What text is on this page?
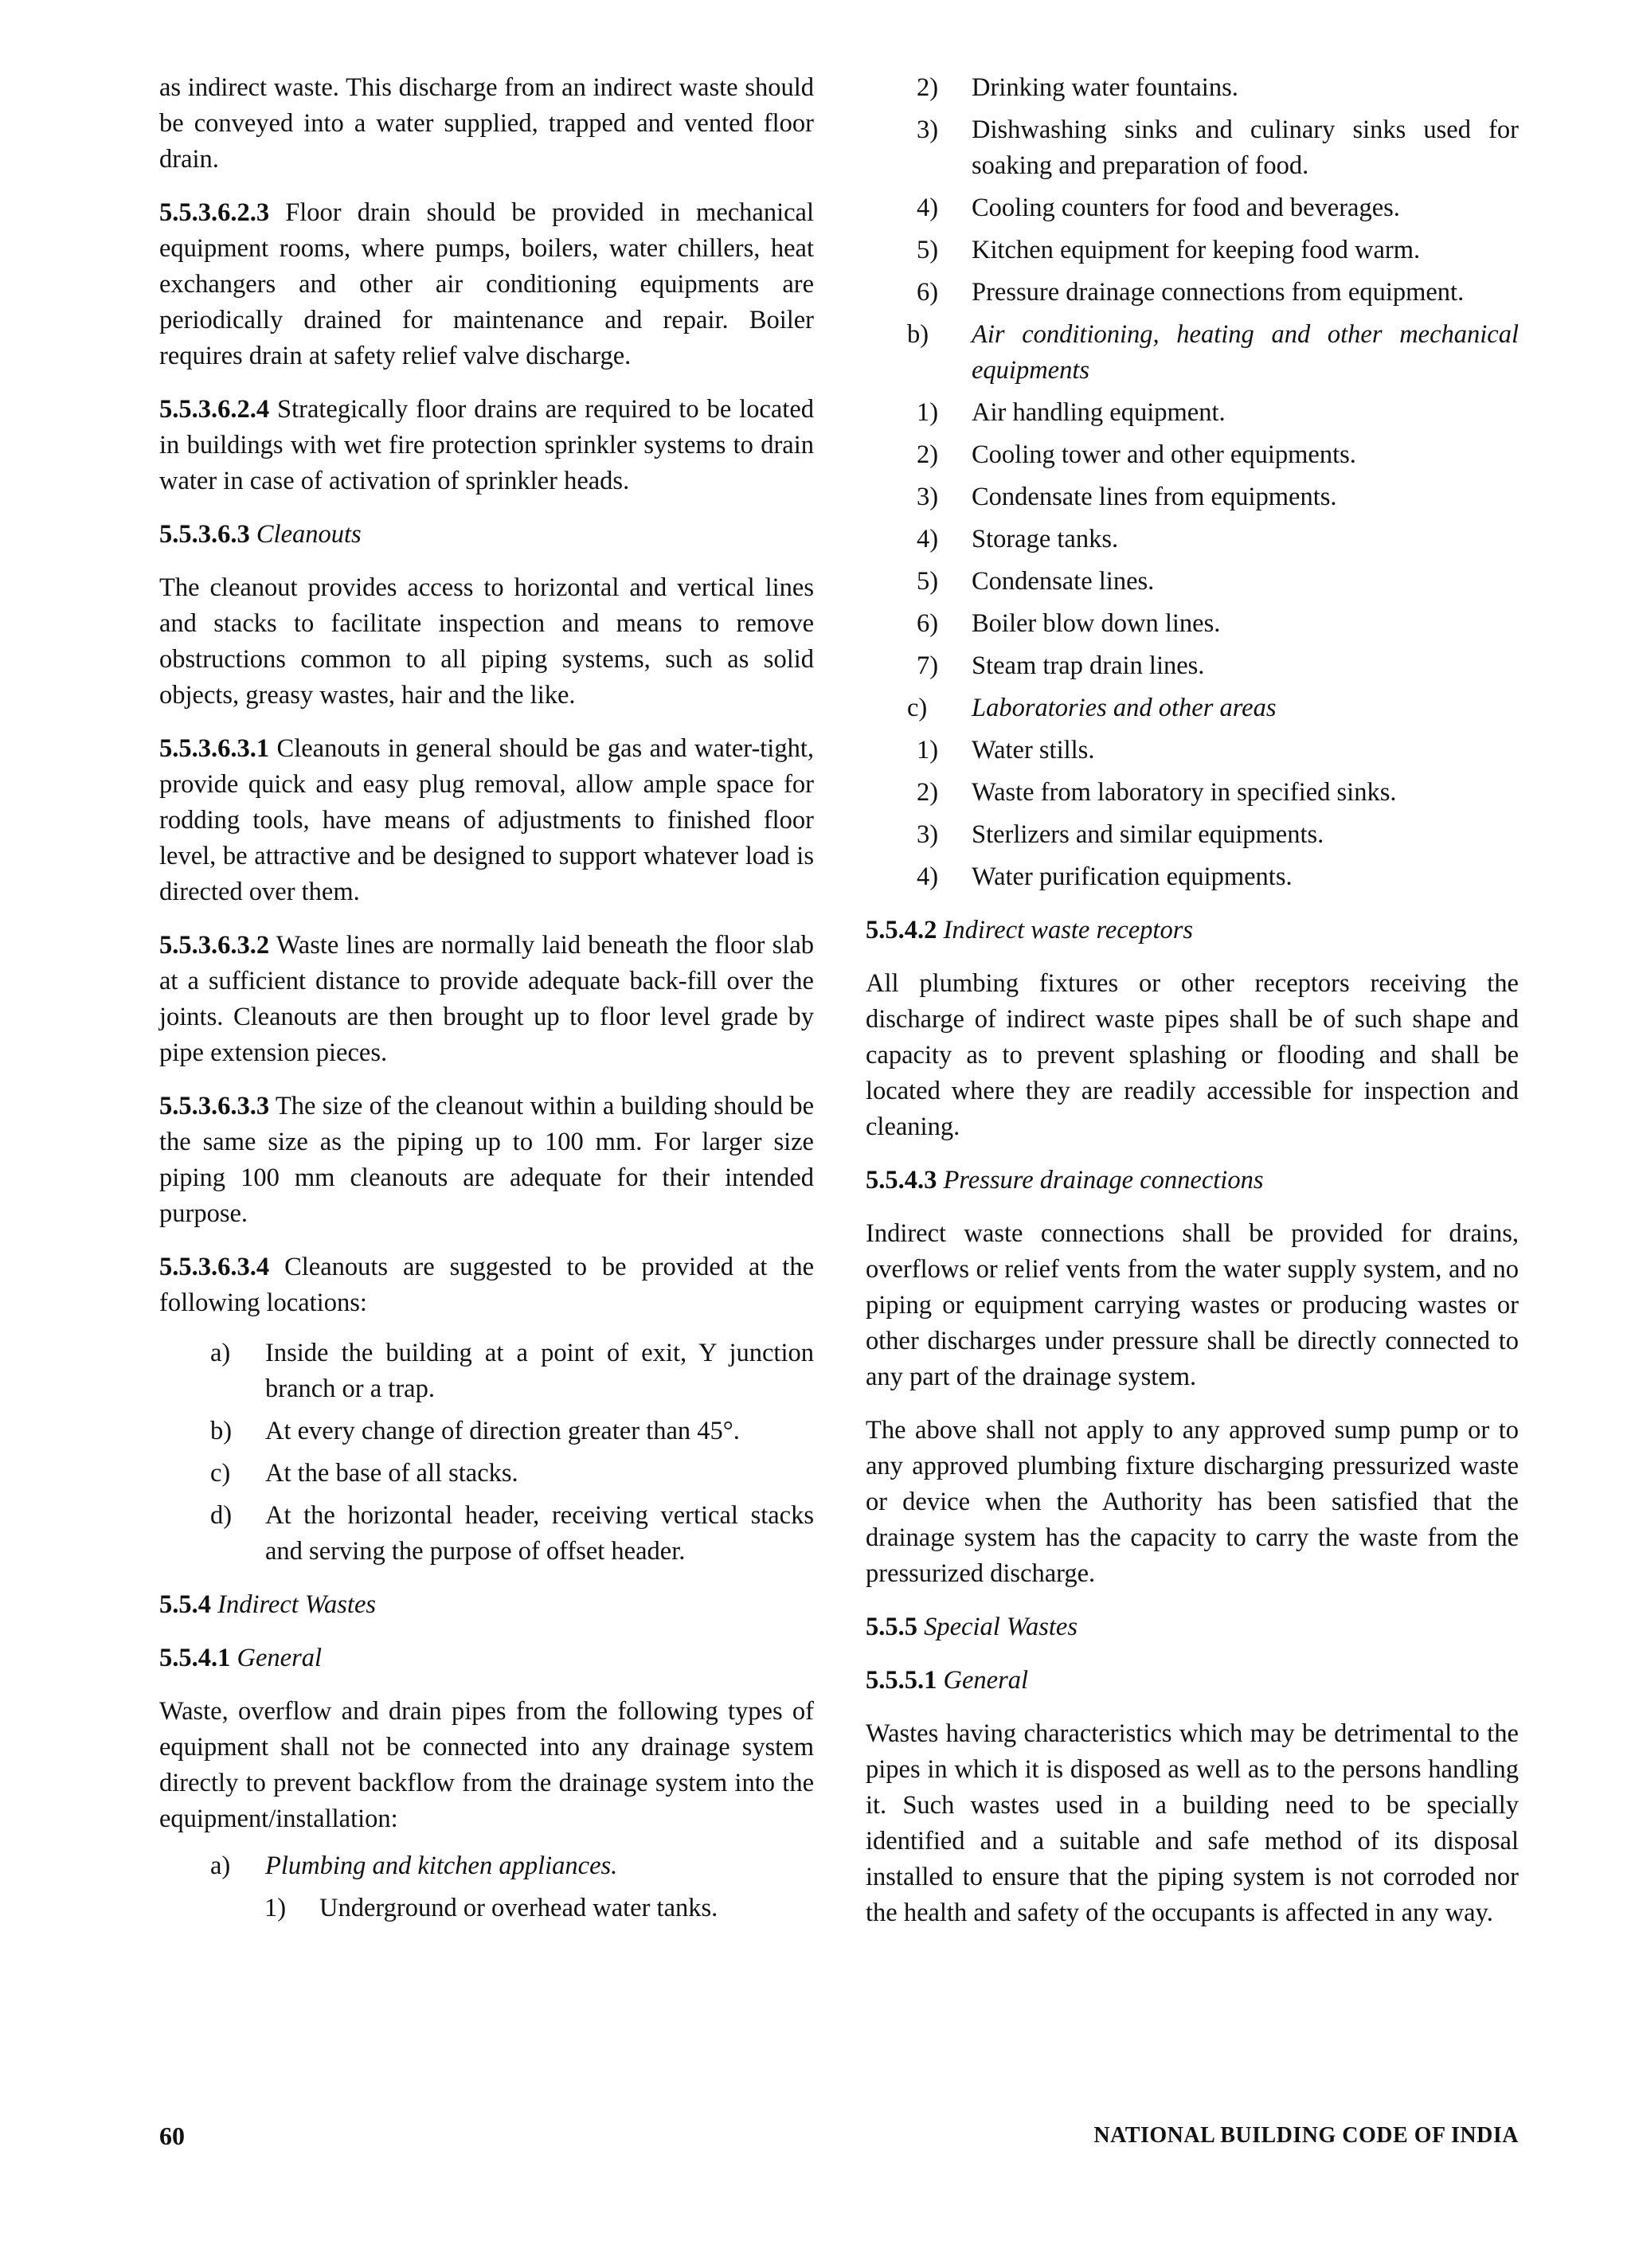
as indirect waste. This discharge from an indirect waste should be conveyed into a water supplied, trapped and vented floor drain.

5.5.3.6.2.3 Floor drain should be provided in mechanical equipment rooms, where pumps, boilers, water chillers, heat exchangers and other air conditioning equipments are periodically drained for maintenance and repair. Boiler requires drain at safety relief valve discharge.

5.5.3.6.2.4 Strategically floor drains are required to be located in buildings with wet fire protection sprinkler systems to drain water in case of activation of sprinkler heads.

5.5.3.6.3 Cleanouts

The cleanout provides access to horizontal and vertical lines and stacks to facilitate inspection and means to remove obstructions common to all piping systems, such as solid objects, greasy wastes, hair and the like.

5.5.3.6.3.1 Cleanouts in general should be gas and water-tight, provide quick and easy plug removal, allow ample space for rodding tools, have means of adjustments to finished floor level, be attractive and be designed to support whatever load is directed over them.

5.5.3.6.3.2 Waste lines are normally laid beneath the floor slab at a sufficient distance to provide adequate back-fill over the joints. Cleanouts are then brought up to floor level grade by pipe extension pieces.

5.5.3.6.3.3 The size of the cleanout within a building should be the same size as the piping up to 100 mm. For larger size piping 100 mm cleanouts are adequate for their intended purpose.

5.5.3.6.3.4 Cleanouts are suggested to be provided at the following locations:

a) Inside the building at a point of exit, Y junction branch or a trap.
b) At every change of direction greater than 45°.
c) At the base of all stacks.
d) At the horizontal header, receiving vertical stacks and serving the purpose of offset header.

5.5.4 Indirect Wastes

5.5.4.1 General

Waste, overflow and drain pipes from the following types of equipment shall not be connected into any drainage system directly to prevent backflow from the drainage system into the equipment/installation:

a) Plumbing and kitchen appliances.
1) Underground or overhead water tanks.
2) Drinking water fountains.
3) Dishwashing sinks and culinary sinks used for soaking and preparation of food.
4) Cooling counters for food and beverages.
5) Kitchen equipment for keeping food warm.
6) Pressure drainage connections from equipment.
b) Air conditioning, heating and other mechanical equipments
1) Air handling equipment.
2) Cooling tower and other equipments.
3) Condensate lines from equipments.
4) Storage tanks.
5) Condensate lines.
6) Boiler blow down lines.
7) Steam trap drain lines.
c) Laboratories and other areas
1) Water stills.
2) Waste from laboratory in specified sinks.
3) Sterlizers and similar equipments.
4) Water purification equipments.

5.5.4.2 Indirect waste receptors

All plumbing fixtures or other receptors receiving the discharge of indirect waste pipes shall be of such shape and capacity as to prevent splashing or flooding and shall be located where they are readily accessible for inspection and cleaning.

5.5.4.3 Pressure drainage connections

Indirect waste connections shall be provided for drains, overflows or relief vents from the water supply system, and no piping or equipment carrying wastes or producing wastes or other discharges under pressure shall be directly connected to any part of the drainage system.

The above shall not apply to any approved sump pump or to any approved plumbing fixture discharging pressurized waste or device when the Authority has been satisfied that the drainage system has the capacity to carry the waste from the pressurized discharge.

5.5.5 Special Wastes

5.5.5.1 General

Wastes having characteristics which may be detrimental to the pipes in which it is disposed as well as to the persons handling it. Such wastes used in a building need to be specially identified and a suitable and safe method of its disposal installed to ensure that the piping system is not corroded nor the health and safety of the occupants is affected in any way.

60	NATIONAL BUILDING CODE OF INDIA
